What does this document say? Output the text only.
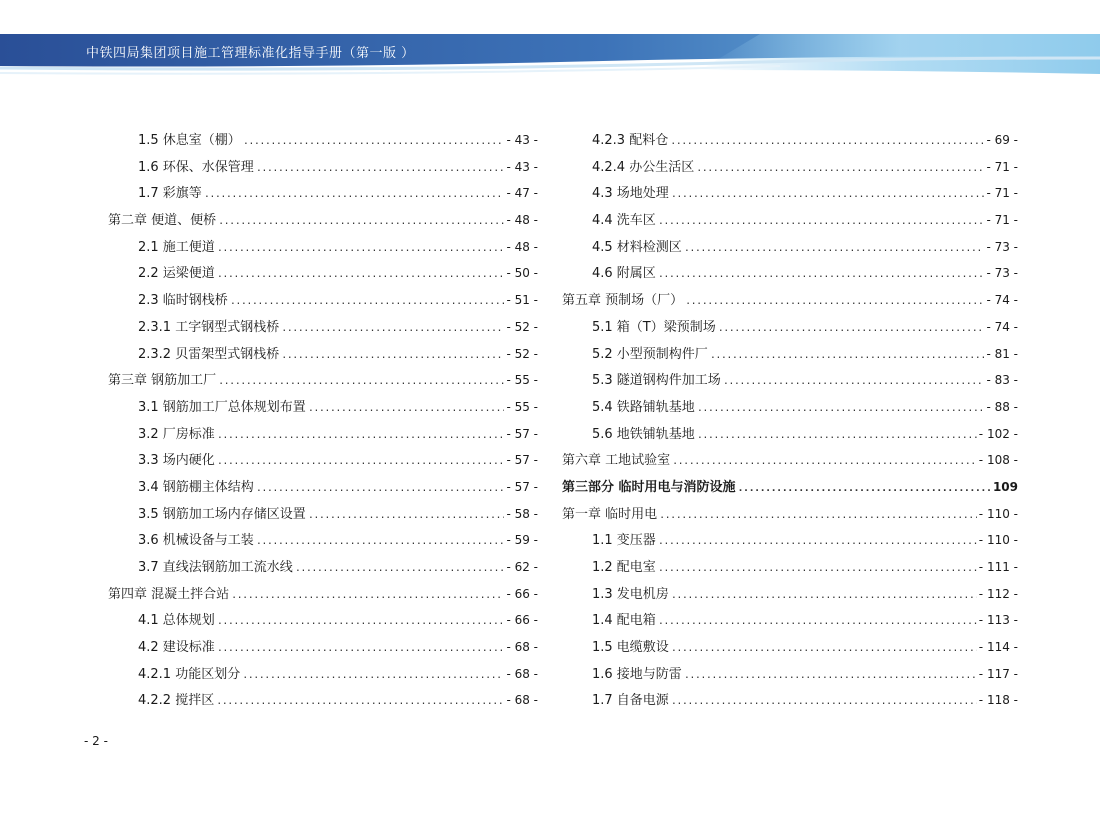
中铁四局集团项目施工管理标准化指导手册（第一版 ）
1.5 休息室（棚） .....	- 43 -
1.6 环保、水保管理 .....	- 43 -
1.7 彩旗等 .....	- 47 -
第二章 便道、便桥 .....	- 48 -
2.1 施工便道 .....	- 48 -
2.2 运梁便道 .....	- 50 -
2.3 临时钢栈桥 .....	- 51 -
2.3.1 工字钢型式钢栈桥 .....	- 52 -
2.3.2 贝雷架型式钢栈桥 .....	- 52 -
第三章 钢筋加工厂 .....	- 55 -
3.1 钢筋加工厂总体规划布置 .....	- 55 -
3.2 厂房标准 .....	- 57 -
3.3 场内硬化 .....	- 57 -
3.4 钢筋棚主体结构 .....	- 57 -
3.5 钢筋加工场内存储区设置 .....	- 58 -
3.6 机械设备与工装 .....	- 59 -
3.7 直线法钢筋加工流水线 .....	- 62 -
第四章 混凝土拌合站 .....	- 66 -
4.1 总体规划 .....	- 66 -
4.2 建设标准 .....	- 68 -
4.2.1 功能区划分 .....	- 68 -
4.2.2 搅拌区 .....	- 68 -
4.2.3 配料仓 .....	- 69 -
4.2.4 办公生活区 .....	- 71 -
4.3 场地处理 .....	- 71 -
4.4 洗车区 .....	- 71 -
4.5 材料检测区 .....	- 73 -
4.6 附属区 .....	- 73 -
第五章 预制场（厂） .....	- 74 -
5.1 箱（T）梁预制场 .....	- 74 -
5.2 小型预制构件厂 .....	- 81 -
5.3 隧道钢构件加工场 .....	- 83 -
5.4 铁路铺轨基地 .....	- 88 -
5.6 地铁铺轨基地 .....	- 102 -
第六章 工地试验室 .....	- 108 -
第三部分 临时用电与消防设施 .....	109
第一章 临时用电 .....	- 110 -
1.1 变压器 .....	- 110 -
1.2 配电室 .....	- 111 -
1.3 发电机房 .....	- 112 -
1.4 配电箱 .....	- 113 -
1.5 电缆敷设 .....	- 114 -
1.6 接地与防雷 .....	- 117 -
1.7 自备电源 .....	- 118 -
- 2 -
